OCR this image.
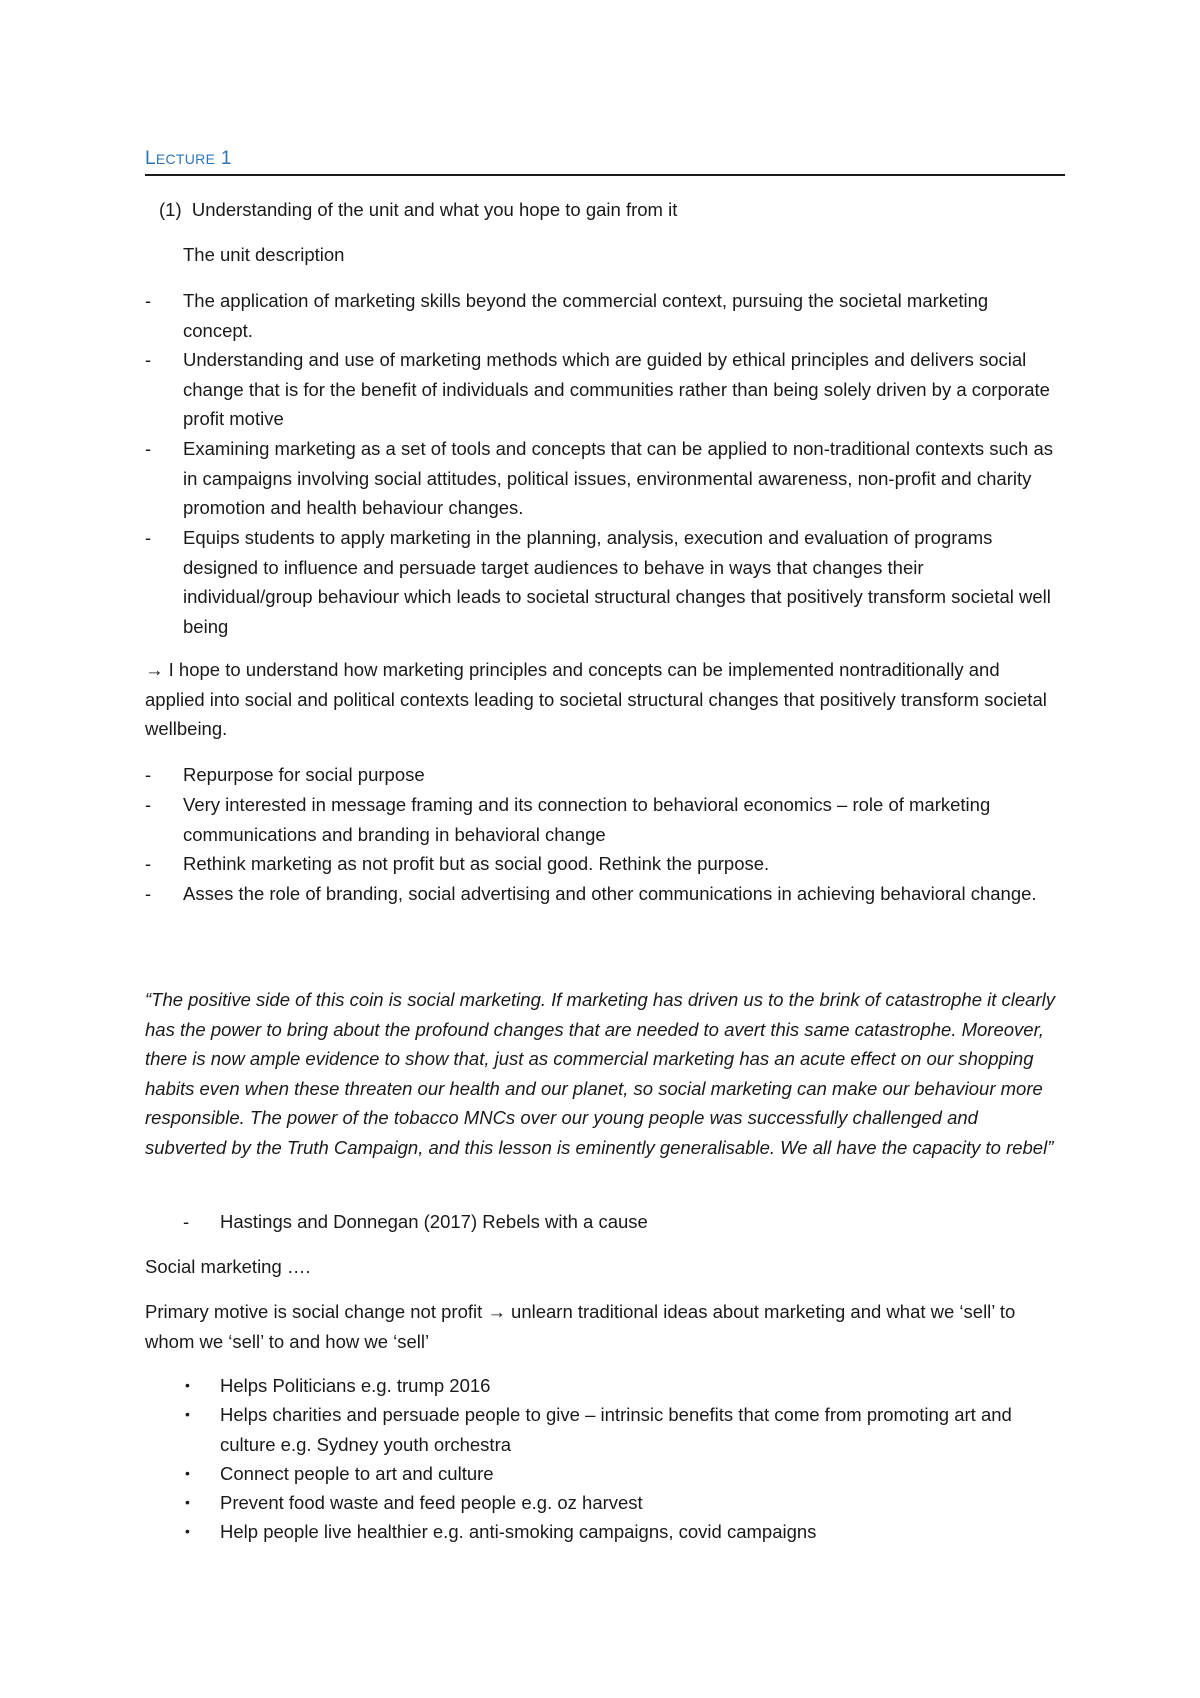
LECTURE 1
(1) Understanding of the unit and what you hope to gain from it
The unit description
- The application of marketing skills beyond the commercial context, pursuing the societal marketing concept.
- Understanding and use of marketing methods which are guided by ethical principles and delivers social change that is for the benefit of individuals and communities rather than being solely driven by a corporate profit motive
- Examining marketing as a set of tools and concepts that can be applied to non-traditional contexts such as in campaigns involving social attitudes, political issues, environmental awareness, non-profit and charity promotion and health behaviour changes.
- Equips students to apply marketing in the planning, analysis, execution and evaluation of programs designed to influence and persuade target audiences to behave in ways that changes their individual/group behaviour which leads to societal structural changes that positively transform societal well being
→ I hope to understand how marketing principles and concepts can be implemented nontraditionally and applied into social and political contexts leading to societal structural changes that positively transform societal wellbeing.
- Repurpose for social purpose
- Very interested in message framing and its connection to behavioral economics – role of marketing communications and branding in behavioral change
- Rethink marketing as not profit but as social good. Rethink the purpose.
- Asses the role of branding, social advertising and other communications in achieving behavioral change.
“The positive side of this coin is social marketing. If marketing has driven us to the brink of catastrophe it clearly has the power to bring about the profound changes that are needed to avert this same catastrophe. Moreover, there is now ample evidence to show that, just as commercial marketing has an acute effect on our shopping habits even when these threaten our health and our planet, so social marketing can make our behaviour more responsible. The power of the tobacco MNCs over our young people was successfully challenged and subverted by the Truth Campaign, and this lesson is eminently generalisable. We all have the capacity to rebel”
- Hastings and Donnegan (2017) Rebels with a cause
Social marketing ….
Primary motive is social change not profit → unlearn traditional ideas about marketing and what we ‘sell’ to whom we ‘sell’ to and how we ‘sell’
• Helps Politicians e.g. trump 2016
• Helps charities and persuade people to give – intrinsic benefits that come from promoting art and culture e.g. Sydney youth orchestra
• Connect people to art and culture
• Prevent food waste and feed people e.g. oz harvest
• Help people live healthier e.g. anti-smoking campaigns, covid campaigns
